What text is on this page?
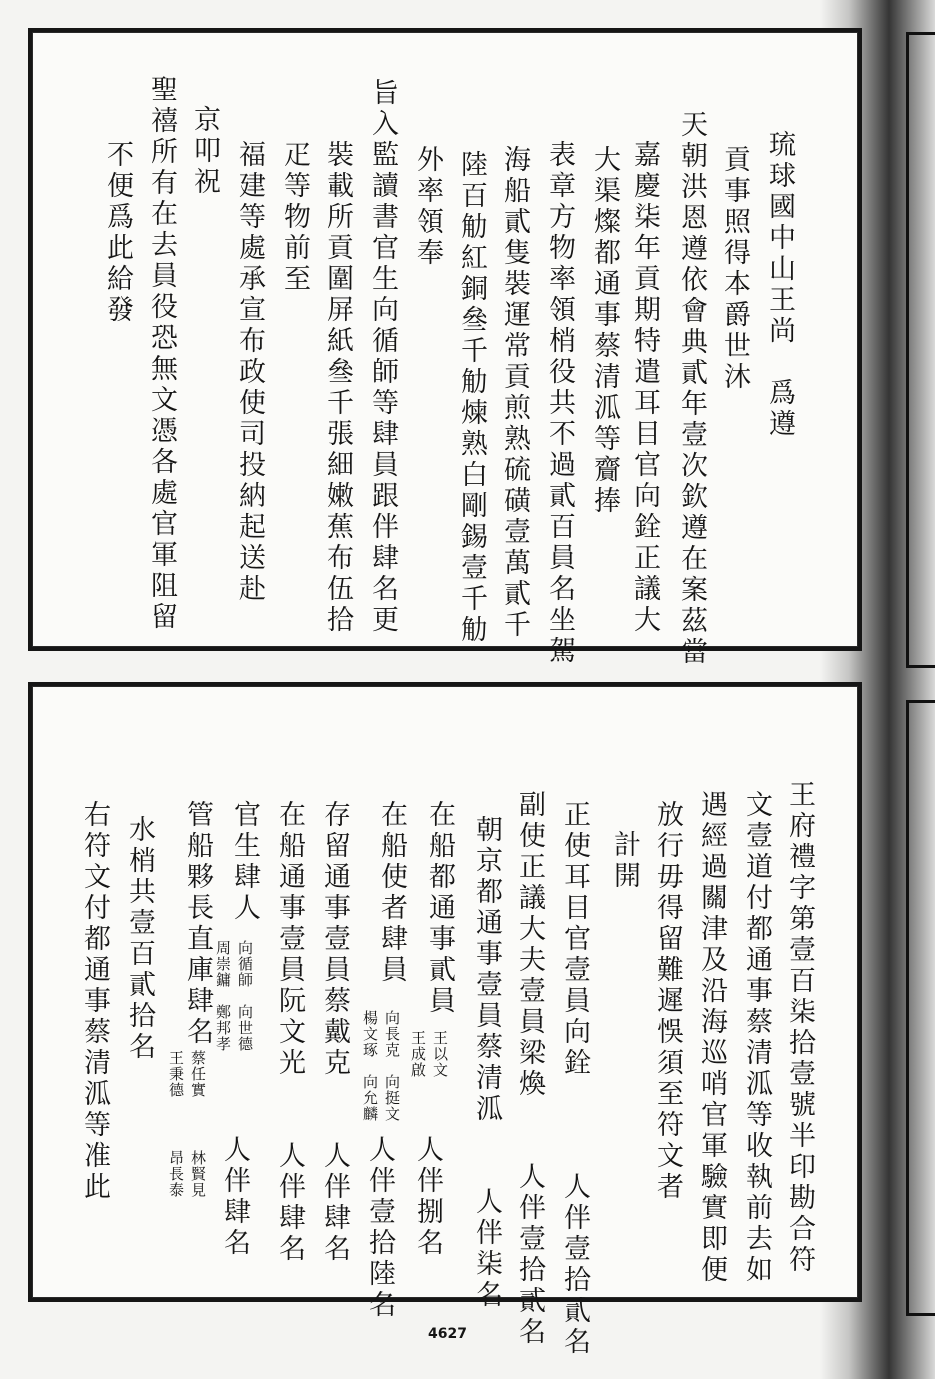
琉球國中山王尚　爲遵
貢事照得本爵世沐
天朝洪恩遵依會典貳年壹次欽遵在案茲當
嘉慶柒年貢期特遣耳目官向銓正議大
大渠燦都通事蔡清泒等齎捧
表章方物率領梢役共不過貳百員名坐駕
海船貳隻裝運常貢煎熟硫磺壹萬貳千
陸百觔紅銅叄千觔煉熟白剛錫壹千觔
外率領奉
旨入監讀書官生向循師等肆員跟伴肆名更
裝載所貢圍屏紙叄千張細嫩蕉布伍拾
疋等物前至
福建等處承宣布政使司投納起送赴
京叩祝
聖禧所有在去員役恐無文憑各處官軍阻留
不便爲此給發
王府禮字第壹百柒拾壹號半印勘合符
文壹道付都通事蔡清泒等收執前去如
遇經過關津及沿海巡哨官軍驗實即便
放行毋得留難遲悞須至符文者
計開
正使耳目官壹員向銓　　　人伴壹拾貳名
副使正議大夫壹員梁煥　　人伴壹拾貳名
朝京都通事壹員蔡清泒　　人伴柒名
在船都通事貳員
王以文
王成啟
人伴捌名
在船使者肆員
向長克　向挺文
楊文琢　向允麟
人伴壹拾陸名
存留通事壹員蔡戴克　　人伴肆名
在船通事壹員阮文光　　人伴肆名
官生肆人
向循師　向世德
周崇鏞　鄭邦孝
人伴肆名
管船夥長直庫肆名
蔡任實
王秉德
林賢見
昂長泰
水梢共壹百貳拾名
右符文付都通事蔡清泒等准此
4627
